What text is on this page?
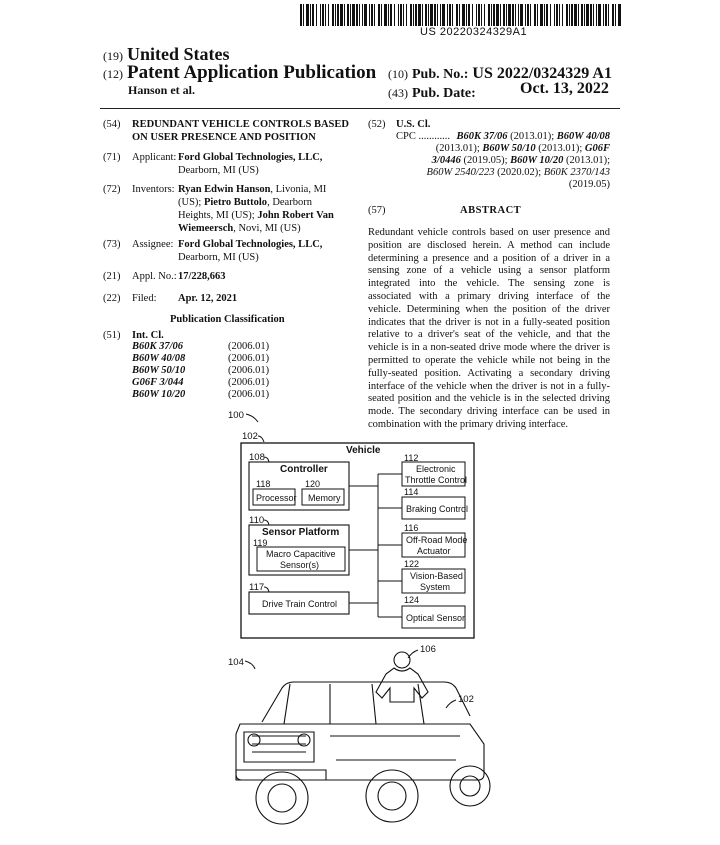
US 20220324329A1
(19) United States
(12) Patent Application Publication
Hanson et al.
(10) Pub. No.: US 2022/0324329 A1
(43) Pub. Date:	Oct. 13, 2022
(54) REDUNDANT VEHICLE CONTROLS BASED
ON USER PRESENCE AND POSITION
(71) Applicant: Ford Global Technologies, LLC,
Dearborn, MI (US)
(72) Inventors: Ryan Edwin Hanson, Livonia, MI
(US); Pietro Buttolo, Dearborn
Heights, MI (US); John Robert Van
Wiemeersch, Novi, MI (US)
(73) Assignee: Ford Global Technologies, LLC,
Dearborn, MI (US)
(21) Appl. No.: 17/228,663
(22) Filed: Apr. 12, 2021
Publication Classification
(51) Int. Cl.
B60K 37/06	(2006.01)
B60W 40/08	(2006.01)
B60W 50/10	(2006.01)
G06F 3/044	(2006.01)
B60W 10/20	(2006.01)
(52) U.S. Cl.
CPC ............ B60K 37/06 (2013.01); B60W 40/08
(2013.01); B60W 50/10 (2013.01); G06F
3/0446 (2019.05); B60W 10/20 (2013.01);
B60W 2540/223 (2020.02); B60K 2370/143
(2019.05)
(57)	ABSTRACT
Redundant vehicle controls based on user presence and position are disclosed herein. A method can include determining a presence and a position of a driver in a sensing zone of a vehicle using a sensor platform integrated into the vehicle. The sensing zone is associated with a primary driving interface of the vehicle. Determining when the position of the driver indicates that the driver is not in a fully-seated position relative to a driver's seat of the vehicle, and that the vehicle is in a non-seated drive mode where the driver is permitted to operate the vehicle while not being in the fully-seated position. Activating a secondary driving interface of the vehicle when the driver is not in a fully-seated position and the vehicle is in the selected driving mode. The secondary driving interface can be used in combination with the primary driving interface.
100
102
Vehicle
108
Controller
118
Processor
120
Memory
110
Sensor Platform
119
Macro Capacitive
Sensor(s)
117
Drive Train Control
112
Electronic
Throttle Control
114
Braking Control
116
Off-Road Mode
Actuator
122
Vision-Based
System
124
Optical Sensor
104
106
102
